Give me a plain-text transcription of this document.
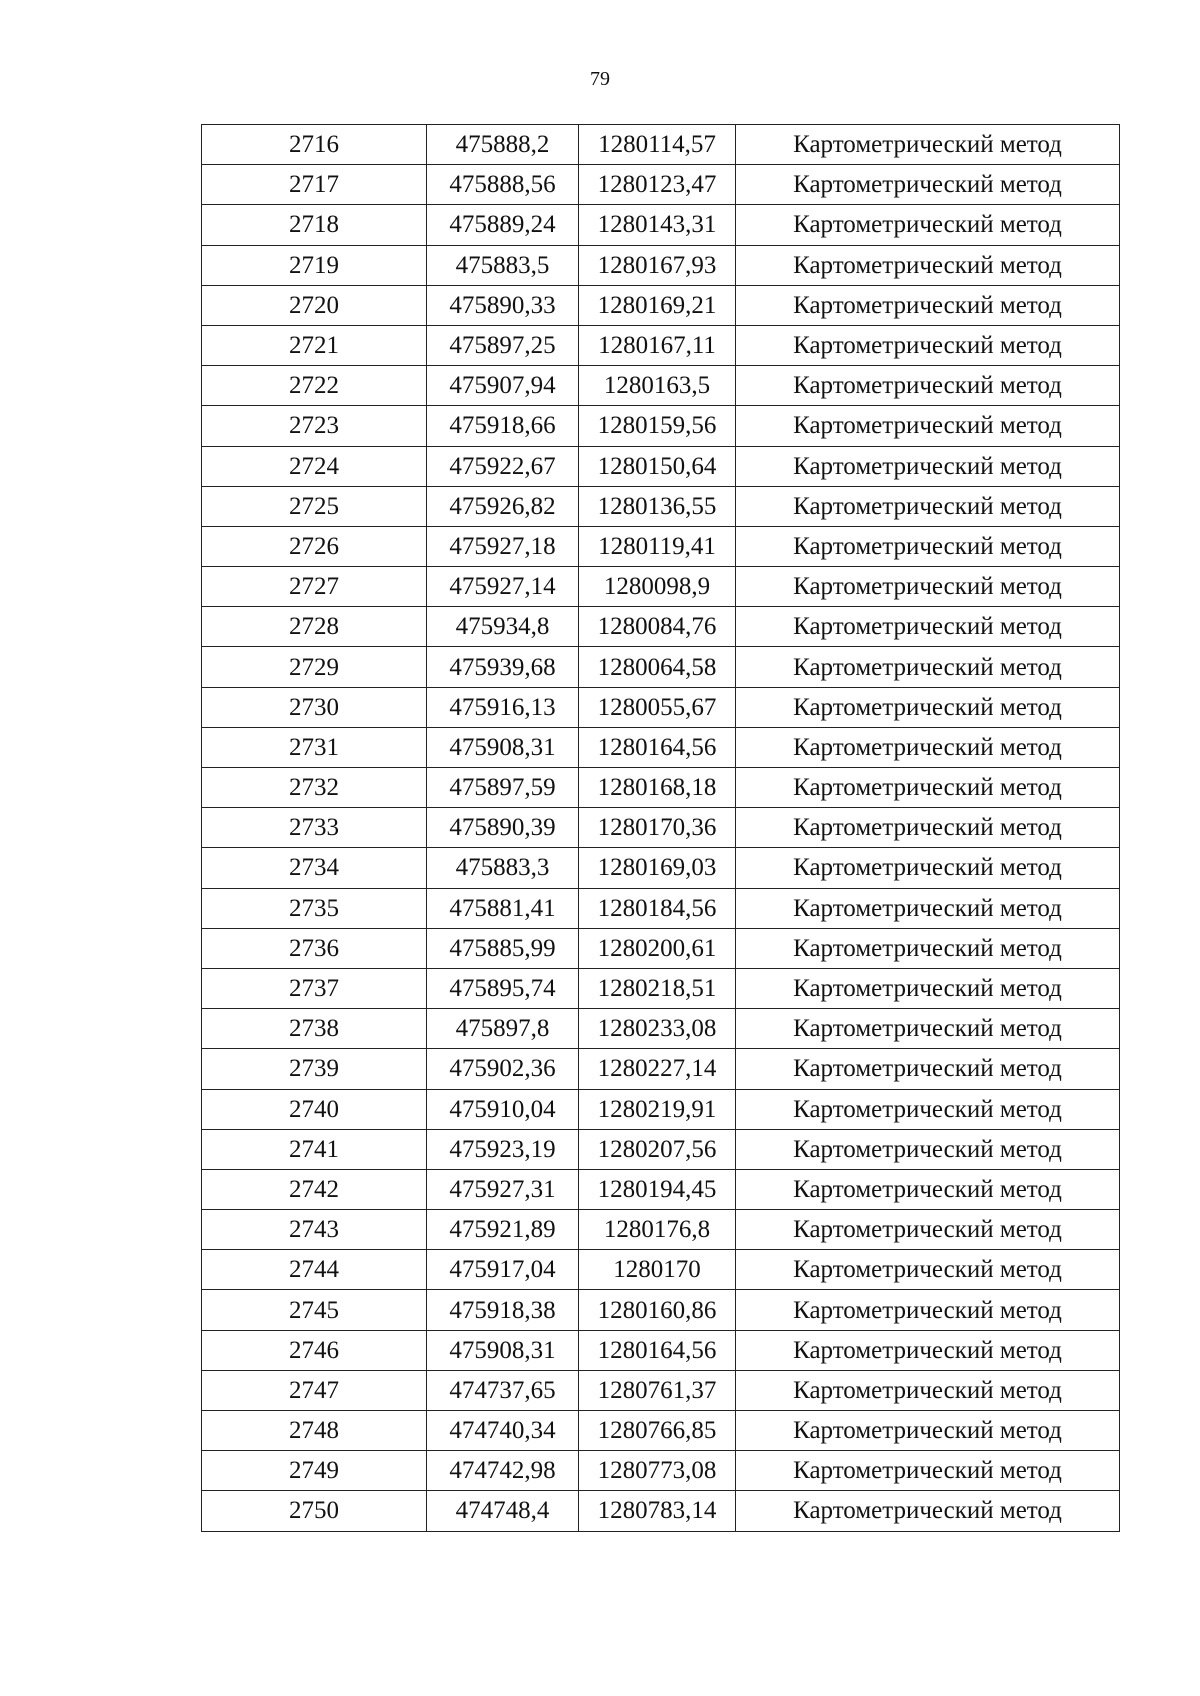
79
2716	475888,2	1280114,57	Картометрический метод
2717	475888,56	1280123,47	Картометрический метод
2718	475889,24	1280143,31	Картометрический метод
2719	475883,5	1280167,93	Картометрический метод
2720	475890,33	1280169,21	Картометрический метод
2721	475897,25	1280167,11	Картометрический метод
2722	475907,94	1280163,5	Картометрический метод
2723	475918,66	1280159,56	Картометрический метод
2724	475922,67	1280150,64	Картометрический метод
2725	475926,82	1280136,55	Картометрический метод
2726	475927,18	1280119,41	Картометрический метод
2727	475927,14	1280098,9	Картометрический метод
2728	475934,8	1280084,76	Картометрический метод
2729	475939,68	1280064,58	Картометрический метод
2730	475916,13	1280055,67	Картометрический метод
2731	475908,31	1280164,56	Картометрический метод
2732	475897,59	1280168,18	Картометрический метод
2733	475890,39	1280170,36	Картометрический метод
2734	475883,3	1280169,03	Картометрический метод
2735	475881,41	1280184,56	Картометрический метод
2736	475885,99	1280200,61	Картометрический метод
2737	475895,74	1280218,51	Картометрический метод
2738	475897,8	1280233,08	Картометрический метод
2739	475902,36	1280227,14	Картометрический метод
2740	475910,04	1280219,91	Картометрический метод
2741	475923,19	1280207,56	Картометрический метод
2742	475927,31	1280194,45	Картометрический метод
2743	475921,89	1280176,8	Картометрический метод
2744	475917,04	1280170	Картометрический метод
2745	475918,38	1280160,86	Картометрический метод
2746	475908,31	1280164,56	Картометрический метод
2747	474737,65	1280761,37	Картометрический метод
2748	474740,34	1280766,85	Картометрический метод
2749	474742,98	1280773,08	Картометрический метод
2750	474748,4	1280783,14	Картометрический метод
